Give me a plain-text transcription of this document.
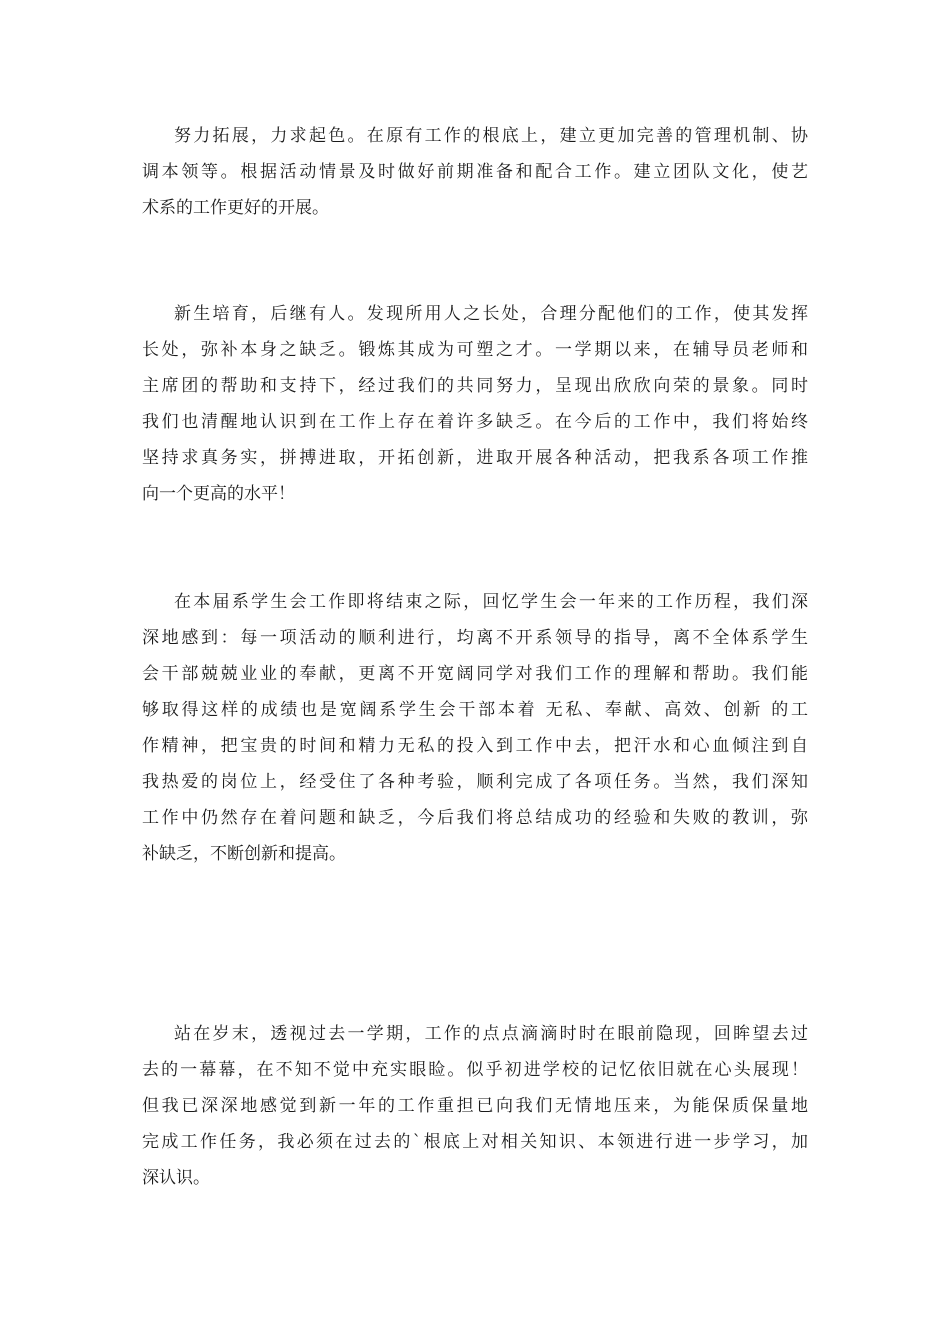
努力拓展，力求起色。在原有工作的根底上，建立更加完善的管理机制、协
调本领等。根据活动情景及时做好前期准备和配合工作。建立团队文化，使艺
术系的工作更好的开展。
新生培育，后继有人。发现所用人之长处，合理分配他们的工作，使其发挥
长处，弥补本身之缺乏。锻炼其成为可塑之才。一学期以来，在辅导员老师和
主席团的帮助和支持下，经过我们的共同努力，呈现出欣欣向荣的景象。同时
我们也清醒地认识到在工作上存在着许多缺乏。在今后的工作中，我们将始终
坚持求真务实，拼搏进取，开拓创新，进取开展各种活动，把我系各项工作推
向一个更高的水平！
在本届系学生会工作即将结束之际，回忆学生会一年来的工作历程，我们深
深地感到：每一项活动的顺利进行，均离不开系领导的指导，离不全体系学生
会干部兢兢业业的奉献，更离不开宽阔同学对我们工作的理解和帮助。我们能
够取得这样的成绩也是宽阔系学生会干部本着 无私、奉献、高效、创新 的工
作精神，把宝贵的时间和精力无私的投入到工作中去，把汗水和心血倾注到自
我热爱的岗位上，经受住了各种考验，顺利完成了各项任务。当然，我们深知
工作中仍然存在着问题和缺乏，今后我们将总结成功的经验和失败的教训，弥
补缺乏，不断创新和提高。
站在岁末，透视过去一学期，工作的点点滴滴时时在眼前隐现，回眸望去过
去的一幕幕，在不知不觉中充实眼睑。似乎初进学校的记忆依旧就在心头展现！
但我已深深地感觉到新一年的工作重担已向我们无情地压来，为能保质保量地
完成工作任务，我必须在过去的`根底上对相关知识、本领进行进一步学习，加
深认识。
